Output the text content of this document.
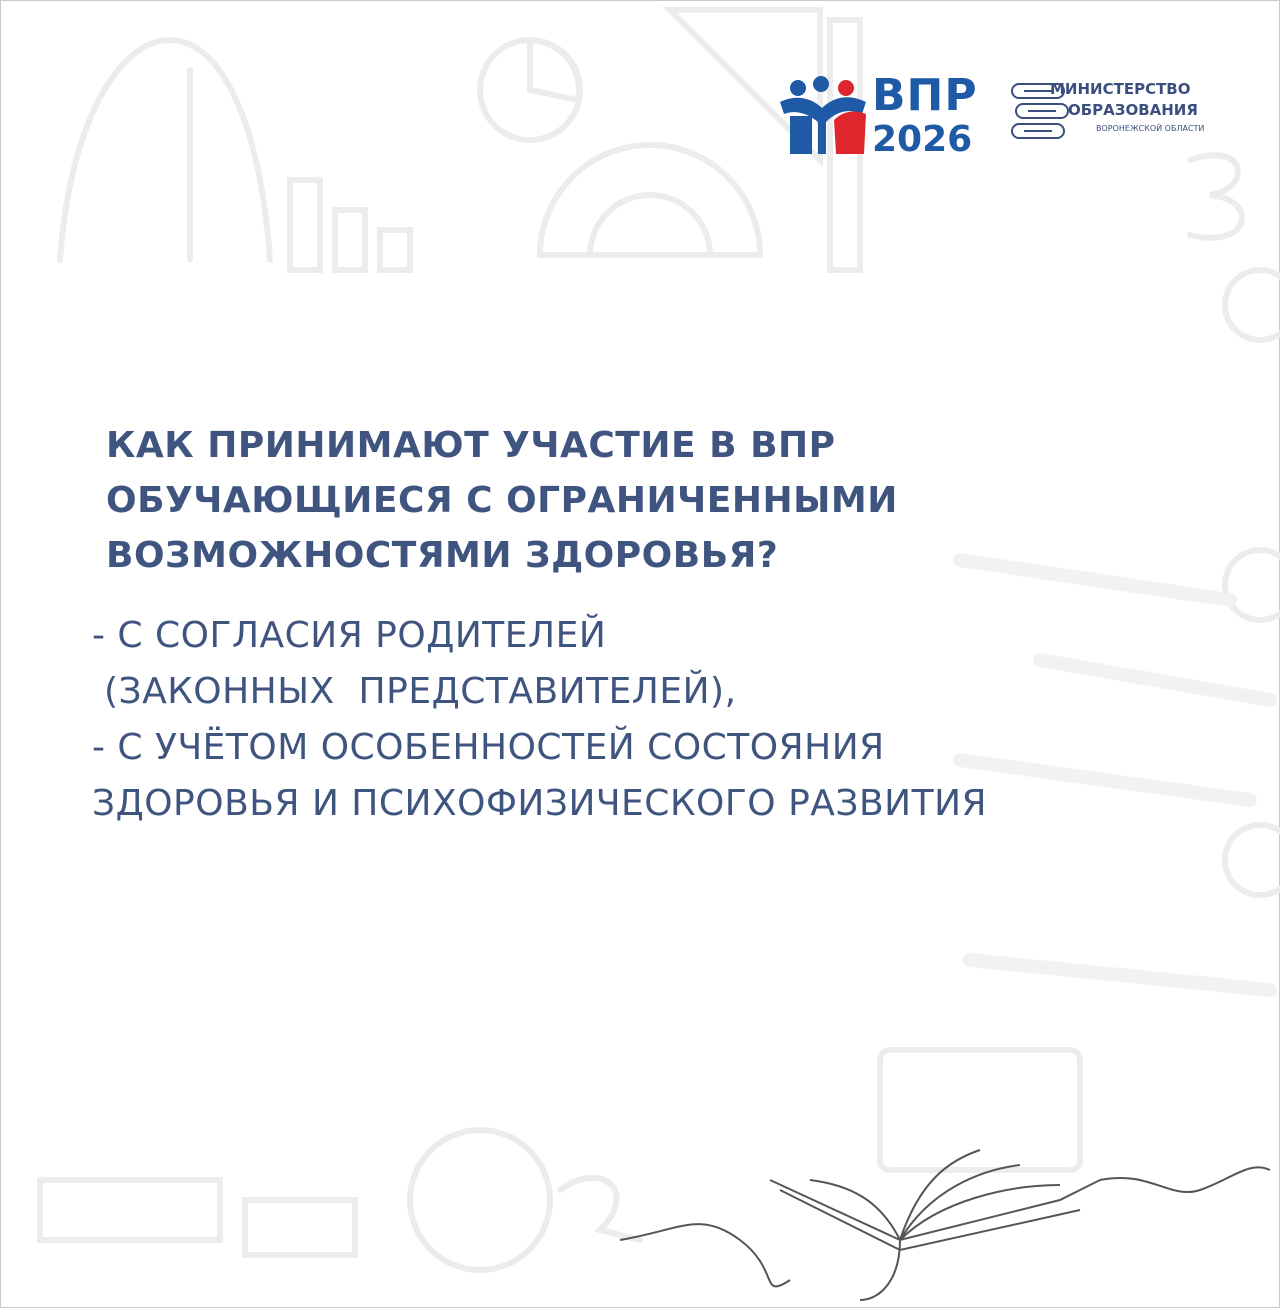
ВПР
2026
МИНИСТЕРСТВО
ОБРАЗОВАНИЯ
ВОРОНЕЖСКОЙ ОБЛАСТИ
КАК ПРИНИМАЮТ УЧАСТИЕ В ВПР
ОБУЧАЮЩИЕСЯ С ОГРАНИЧЕННЫМИ
ВОЗМОЖНОСТЯМИ ЗДОРОВЬЯ?
- С СОГЛАСИЯ РОДИТЕЛЕЙ
(ЗАКОННЫХ  ПРЕДСТАВИТЕЛЕЙ),
- С УЧЁТОМ ОСОБЕННОСТЕЙ СОСТОЯНИЯ
ЗДОРОВЬЯ И ПСИХОФИЗИЧЕСКОГО РАЗВИТИЯ
